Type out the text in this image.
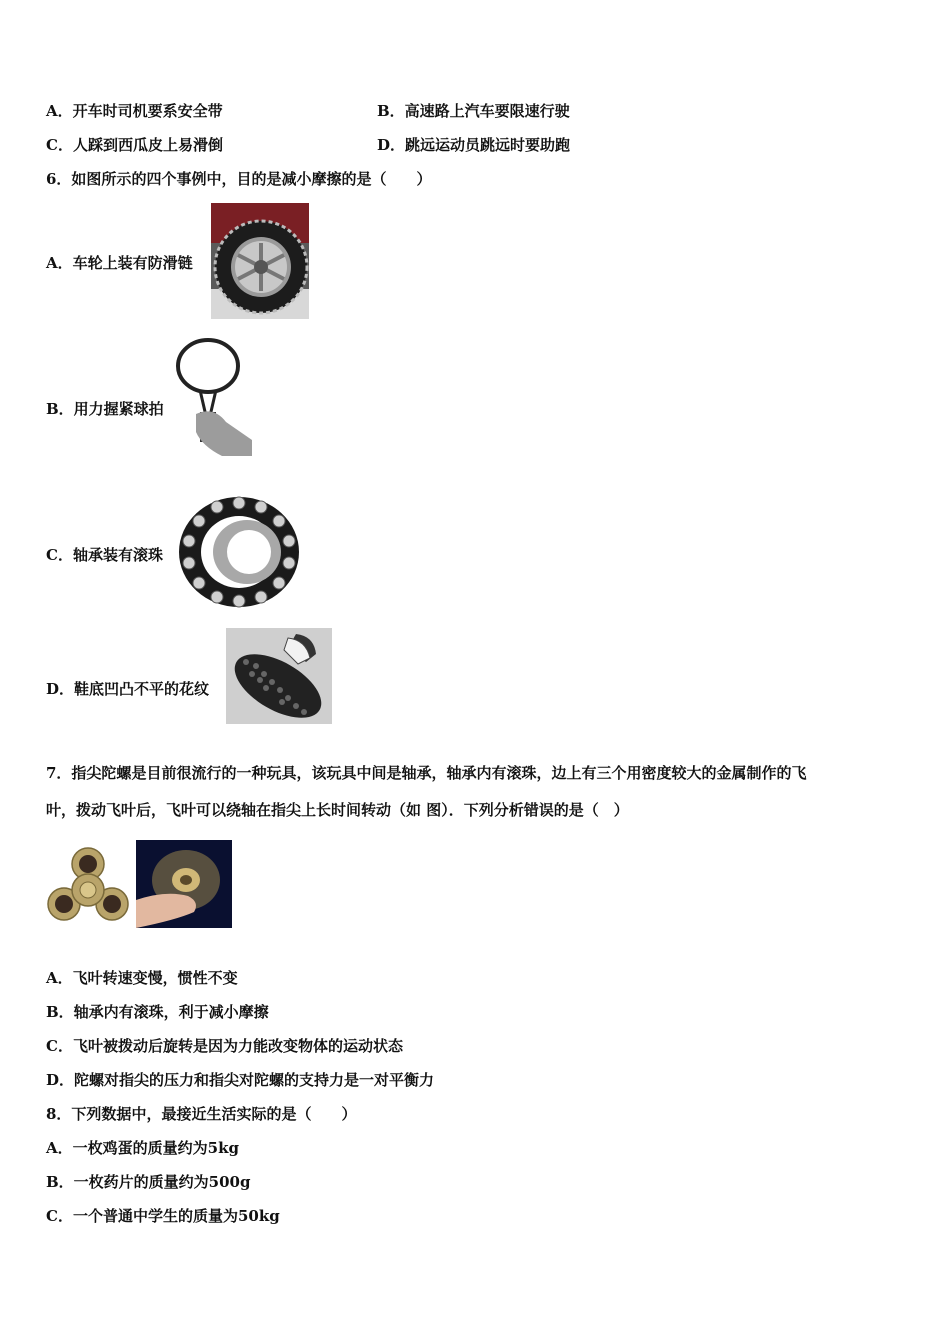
A．开车时司机要系安全带	B．高速路上汽车要限速行驶
C．人踩到西瓜皮上易滑倒	D．跳远运动员跳远时要助跑
6．如图所示的四个事例中，目的是减小摩擦的是（　　）
A．车轮上装有防滑链
B．用力握紧球拍
C．轴承装有滚珠
D．鞋底凹凸不平的花纹
7．指尖陀螺是目前很流行的一种玩具，该玩具中间是轴承，轴承内有滚珠，边上有三个用密度较大的金属制作的飞
叶，拨动飞叶后，飞叶可以绕轴在指尖上长时间转动（如 图）．下列分析错误的是（　）
A．飞叶转速变慢，惯性不变
B．轴承内有滚珠，利于减小摩擦
C．飞叶被拨动后旋转是因为力能改变物体的运动状态
D．陀螺对指尖的压力和指尖对陀螺的支持力是一对平衡力
8．下列数据中，最接近生活实际的是（　　）
A．一枚鸡蛋的质量约为5kg
B．一枚药片的质量约为500g
C．一个普通中学生的质量为50kg
